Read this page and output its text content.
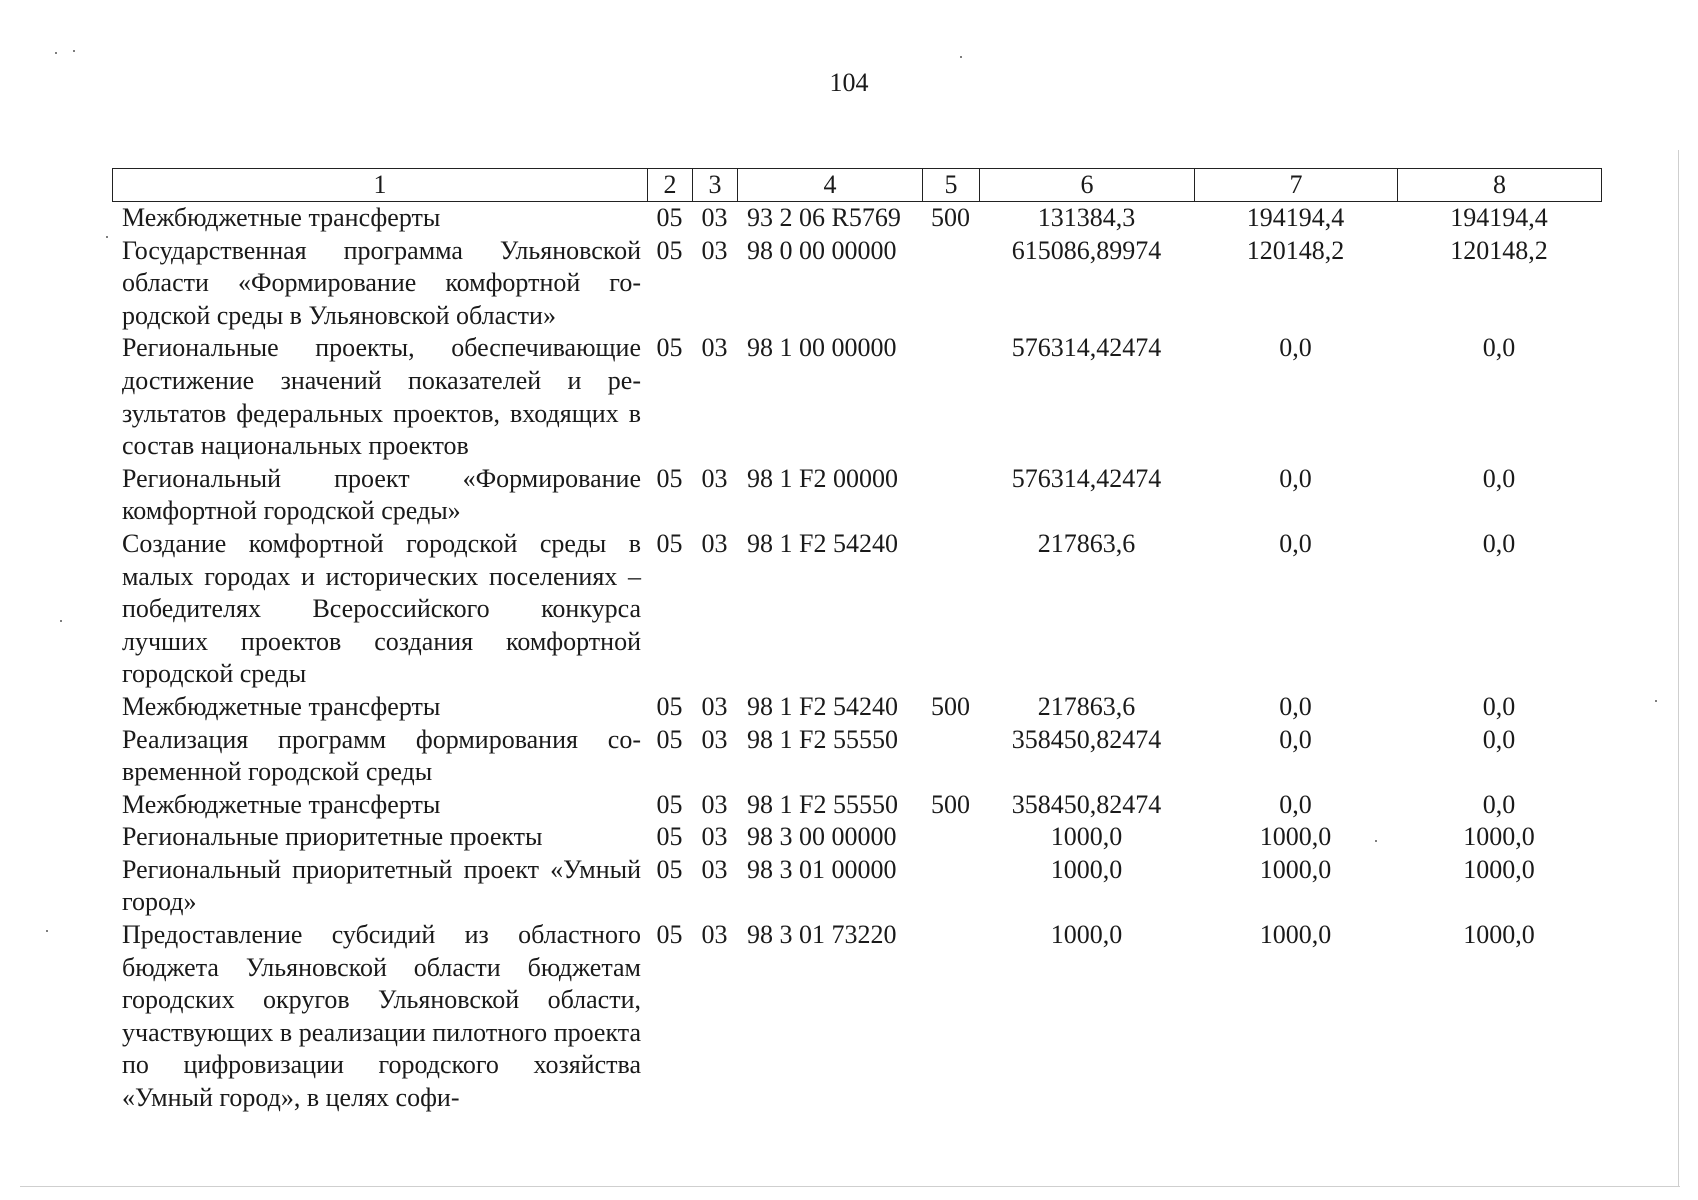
104
1	2	3	4	5	6	7	8
Межбюджетные трансферты	05	03	93 2 06 R5769	500	131384,3	194194,4	194194,4
Государственная программа Ульяновской области «Формирование комфортной городской среды в Ульяновской области»	05	03	98 0 00 00000		615086,89974	120148,2	120148,2
Региональные проекты, обеспечивающие достижение значений показателей и результатов федеральных проектов, входящих в состав национальных проектов	05	03	98 1 00 00000		576314,42474	0,0	0,0
Региональный проект «Формирование комфортной городской среды»	05	03	98 1 F2 00000		576314,42474	0,0	0,0
Создание комфортной городской среды в малых городах и исторических поселениях – победителях Всероссийского конкурса лучших проектов создания комфортной городской среды	05	03	98 1 F2 54240		217863,6	0,0	0,0
Межбюджетные трансферты	05	03	98 1 F2 54240	500	217863,6	0,0	0,0
Реализация программ формирования современной городской среды	05	03	98 1 F2 55550		358450,82474	0,0	0,0
Межбюджетные трансферты	05	03	98 1 F2 55550	500	358450,82474	0,0	0,0
Региональные приоритетные проекты	05	03	98 3 00 00000		1000,0	1000,0	1000,0
Региональный приоритетный проект «Умный город»	05	03	98 3 01 00000		1000,0	1000,0	1000,0
Предоставление субсидий из областного бюджета Ульяновской области бюджетам городских округов Ульяновской области, участвующих в реализации пилотного проекта по цифровизации городского хозяйства «Умный город», в целях софи-	05	03	98 3 01 73220		1000,0	1000,0	1000,0
